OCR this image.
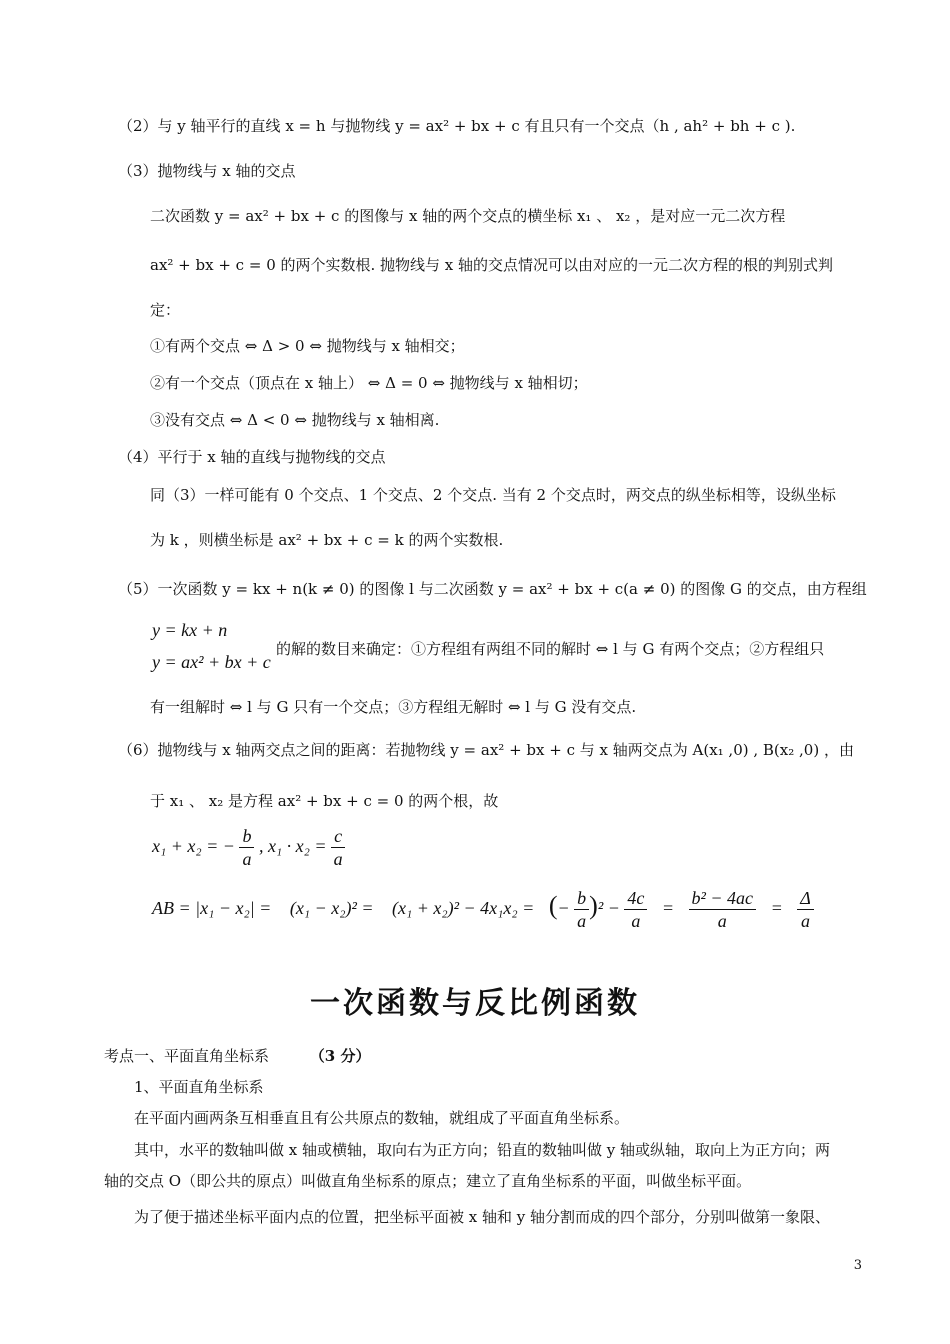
（2）与 y 轴平行的直线 x = h 与抛物线 y = ax² + bx + c 有且只有一个交点（h , ah² + bh + c ).
（3）抛物线与 x 轴的交点
二次函数 y = ax² + bx + c 的图像与 x 轴的两个交点的横坐标 x₁ 、 x₂ ，是对应一元二次方程
ax² + bx + c = 0 的两个实数根. 抛物线与 x 轴的交点情况可以由对应的一元二次方程的根的判别式判
定：
①有两个交点 ⇔ Δ > 0 ⇔ 抛物线与 x 轴相交；
②有一个交点（顶点在 x 轴上） ⇔ Δ = 0 ⇔ 抛物线与 x 轴相切；
③没有交点 ⇔ Δ < 0 ⇔ 抛物线与 x 轴相离.
（4）平行于 x 轴的直线与抛物线的交点
同（3）一样可能有 0 个交点、1 个交点、2 个交点. 当有 2 个交点时，两交点的纵坐标相等，设纵坐标
为 k ，则横坐标是 ax² + bx + c = k 的两个实数根.
（5）一次函数 y = kx + n(k ≠ 0) 的图像 l 与二次函数 y = ax² + bx + c(a ≠ 0) 的图像 G 的交点，由方程组
y = kx + n
y = ax² + bx + c
的解的数目来确定：①方程组有两组不同的解时 ⇔ l 与 G 有两个交点；②方程组只
有一组解时 ⇔ l 与 G 只有一个交点；③方程组无解时 ⇔ l 与 G 没有交点.
（6）抛物线与 x 轴两交点之间的距离：若抛物线 y = ax² + bx + c 与 x 轴两交点为 A(x₁ ,0) , B(x₂ ,0) ，由
于 x₁ 、 x₂ 是方程 ax² + bx + c = 0 的两个根，故
x₁ + x₂ = − $\frac{b}{a}$ , $x_1 \cdot x_2 = \frac{c}{a}$
AB = |x₁ − x₂| = (x₁ − x₂)² = (x₁ + x₂)² − 4x₁x₂ = (− $\frac{b}{a} )^2 - \frac{4c}{a} = \frac{\text{b² − 4ac}}{a} = \frac{\Delta}{a}$
一次函数与反比例函数
考点一、平面直角坐标系	（3 分）
1、平面直角坐标系
在平面内画两条互相垂直且有公共原点的数轴，就组成了平面直角坐标系。
其中，水平的数轴叫做 x 轴或横轴，取向右为正方向；铅直的数轴叫做 y 轴或纵轴，取向上为正方向；两
轴的交点 O（即公共的原点）叫做直角坐标系的原点；建立了直角坐标系的平面，叫做坐标平面。
为了便于描述坐标平面内点的位置，把坐标平面被 x 轴和 y 轴分割而成的四个部分，分别叫做第一象限、
3
